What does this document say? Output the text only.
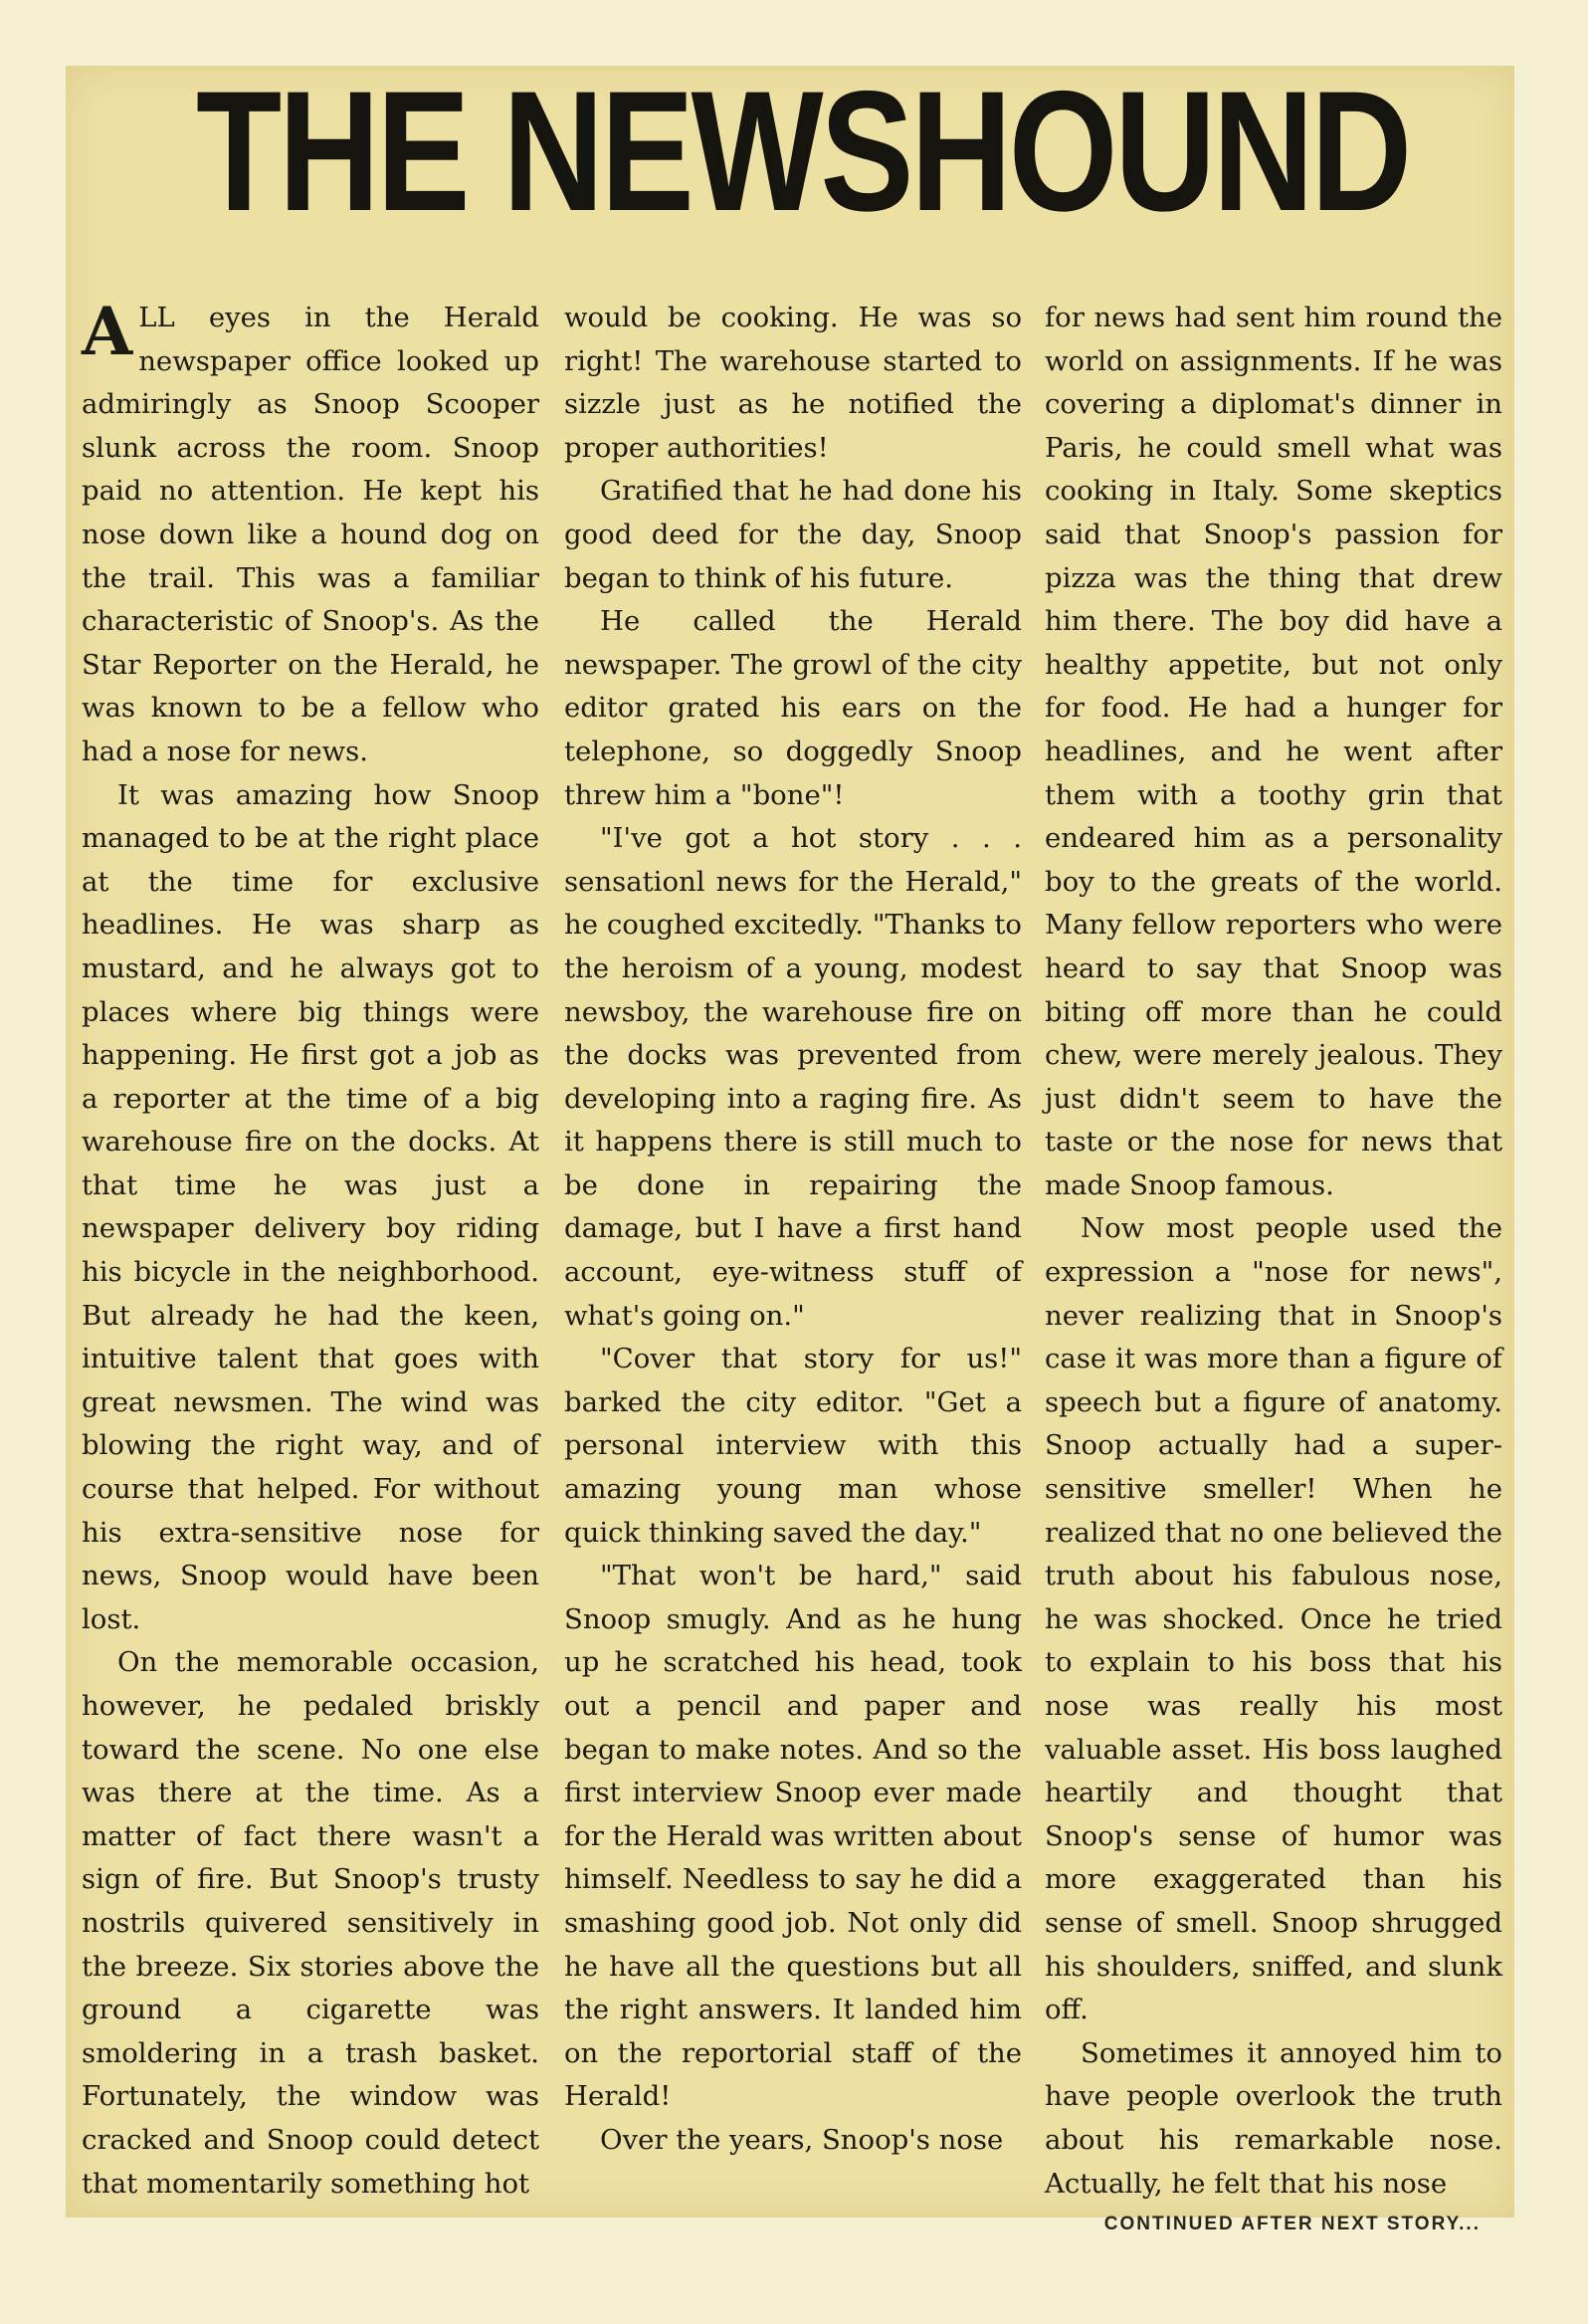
THE NEWSHOUND

ALL eyes in the Herald newspaper office looked up admiringly as Snoop Scooper slunk across the room. Snoop paid no attention. He kept his nose down like a hound dog on the trail. This was a familiar characteristic of Snoop's. As the Star Reporter on the Herald, he was known to be a fellow who had a nose for news.

It was amazing how Snoop managed to be at the right place at the time for exclusive headlines. He was sharp as mustard, and he always got to places where big things were happening. He first got a job as a reporter at the time of a big warehouse fire on the docks. At that time he was just a newspaper delivery boy riding his bicycle in the neighborhood. But already he had the keen, intuitive talent that goes with great newsmen. The wind was blowing the right way, and of course that helped. For without his extra-sensitive nose for news, Snoop would have been lost.

On the memorable occasion, however, he pedaled briskly toward the scene. No one else was there at the time. As a matter of fact there wasn't a sign of fire. But Snoop's trusty nostrils quivered sensitively in the breeze. Six stories above the ground a cigarette was smoldering in a trash basket. Fortunately, the window was cracked and Snoop could detect that momentarily something hot

would be cooking. He was so right! The warehouse started to sizzle just as he notified the proper authorities!

Gratified that he had done his good deed for the day, Snoop began to think of his future.

He called the Herald newspaper. The growl of the city editor grated his ears on the telephone, so doggedly Snoop threw him a "bone"!

"I've got a hot story . . . sensationl news for the Herald," he coughed excitedly. "Thanks to the heroism of a young, modest newsboy, the warehouse fire on the docks was prevented from developing into a raging fire. As it happens there is still much to be done in repairing the damage, but I have a first hand account, eye-witness stuff of what's going on."

"Cover that story for us!" barked the city editor. "Get a personal interview with this amazing young man whose quick thinking saved the day."

"That won't be hard," said Snoop smugly. And as he hung up he scratched his head, took out a pencil and paper and began to make notes. And so the first interview Snoop ever made for the Herald was written about himself. Needless to say he did a smashing good job. Not only did he have all the questions but all the right answers. It landed him on the reportorial staff of the Herald!

Over the years, Snoop's nose

for news had sent him round the world on assignments. If he was covering a diplomat's dinner in Paris, he could smell what was cooking in Italy. Some skeptics said that Snoop's passion for pizza was the thing that drew him there. The boy did have a healthy appetite, but not only for food. He had a hunger for headlines, and he went after them with a toothy grin that endeared him as a personality boy to the greats of the world. Many fellow reporters who were heard to say that Snoop was biting off more than he could chew, were merely jealous. They just didn't seem to have the taste or the nose for news that made Snoop famous.

Now most people used the expression a "nose for news", never realizing that in Snoop's case it was more than a figure of speech but a figure of anatomy. Snoop actually had a super-sensitive smeller! When he realized that no one believed the truth about his fabulous nose, he was shocked. Once he tried to explain to his boss that his nose was really his most valuable asset. His boss laughed heartily and thought that Snoop's sense of humor was more exaggerated than his sense of smell. Snoop shrugged his shoulders, sniffed, and slunk off.

Sometimes it annoyed him to have people overlook the truth about his remarkable nose. Actually, he felt that his nose

CONTINUED AFTER NEXT STORY...
